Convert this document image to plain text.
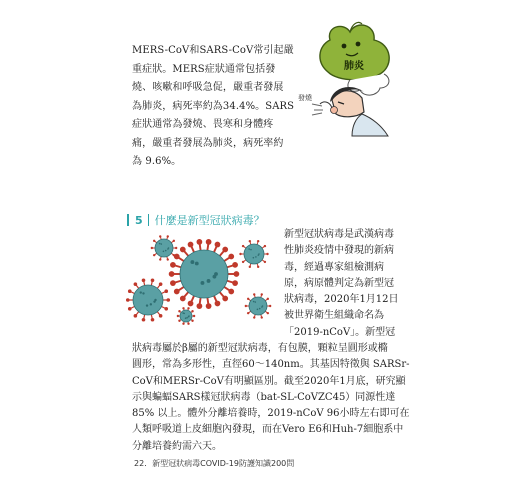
MERS-CoV和SARS-CoV常引起嚴
重症狀。MERS症狀通常包括發
燒、咳嗽和呼吸急促，嚴重者發展
為肺炎，病死率約為34.4%。SARS
症狀通常為發燒、畏寒和身體疼
痛，嚴重者發展為肺炎，病死率約
為 9.6%。
肺炎
發燒
5 什麼是新型冠狀病毒？
新型冠狀病毒是武漢病毒
性肺炎疫情中發現的新病
毒，經過專家組檢測病
原，病原體判定為新型冠
狀病毒，2020年1月12日
被世界衛生組織命名為
「2019-nCoV」。新型冠
狀病毒屬於β屬的新型冠狀病毒，有包膜，顆粒呈圓形或橢
圓形，常為多形性，直徑60～140nm。其基因特徵與 SARSr-
CoV和MERSr-CoV有明顯區別。截至2020年1月底，研究顯
示與蝙蝠SARS樣冠狀病毒（bat-SL-CoVZC45）同源性達
85% 以上。體外分離培養時，2019-nCoV 96小時左右即可在
人類呼吸道上皮細胞內發現，而在Vero E6和Huh-7細胞系中
分離培養約需六天。
22．新型冠狀病毒COVID-19防護知識200問
